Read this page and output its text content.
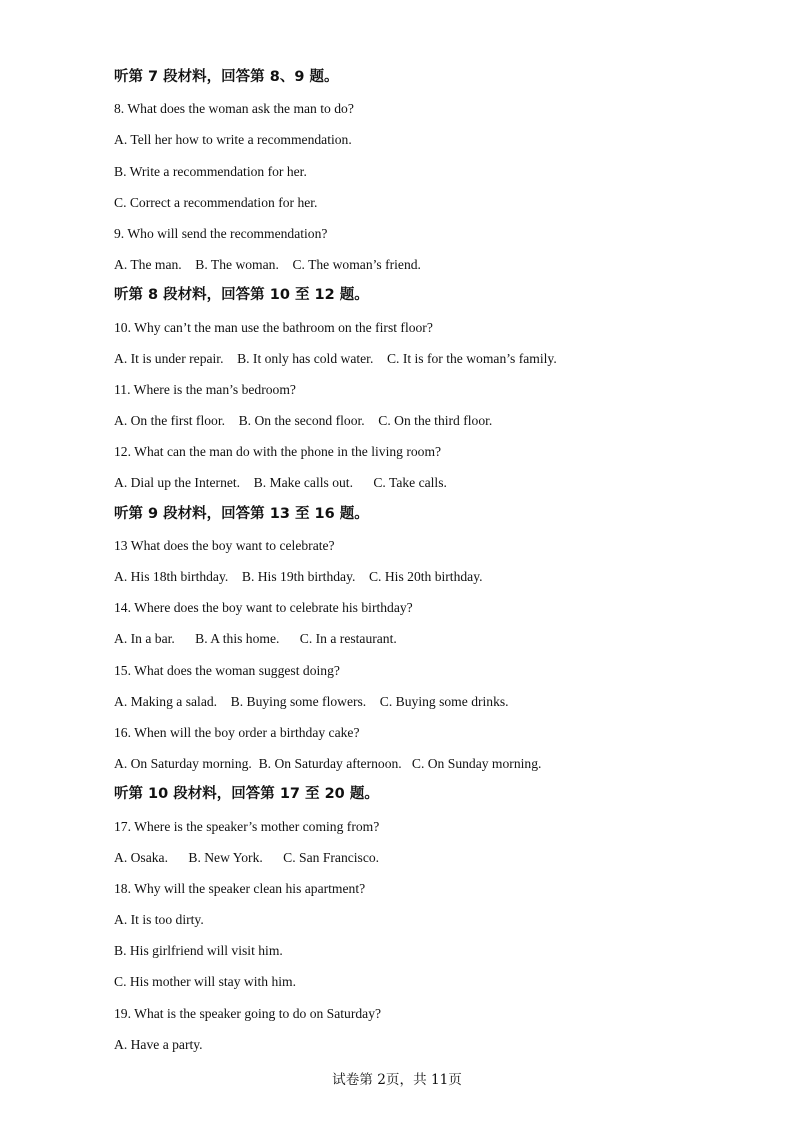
听第 7 段材料，回答第 8、9 题。
8. What does the woman ask the man to do?
A. Tell her how to write a recommendation.
B. Write a recommendation for her.
C. Correct a recommendation for her.
9. Who will send the recommendation?
A. The man.    B. The woman.    C. The woman’s friend.
听第 8 段材料，回答第 10 至 12 题。
10. Why can’t the man use the bathroom on the first floor?
A. It is under repair.    B. It only has cold water.    C. It is for the woman’s family.
11. Where is the man’s bedroom?
A. On the first floor.    B. On the second floor.    C. On the third floor.
12. What can the man do with the phone in the living room?
A. Dial up the Internet.    B. Make calls out.      C. Take calls.
听第 9 段材料，回答第 13 至 16 题。
13 What does the boy want to celebrate?
A. His 18th birthday.    B. His 19th birthday.    C. His 20th birthday.
14. Where does the boy want to celebrate his birthday?
A. In a bar.      B. A this home.      C. In a restaurant.
15. What does the woman suggest doing?
A. Making a salad.    B. Buying some flowers.    C. Buying some drinks.
16. When will the boy order a birthday cake?
A. On Saturday morning.  B. On Saturday afternoon.   C. On Sunday morning.
听第 10 段材料，回答第 17 至 20 题。
17. Where is the speaker’s mother coming from?
A. Osaka.      B. New York.      C. San Francisco.
18. Why will the speaker clean his apartment?
A. It is too dirty.
B. His girlfriend will visit him.
C. His mother will stay with him.
19. What is the speaker going to do on Saturday?
A. Have a party.
试卷第 2页，共 11页
